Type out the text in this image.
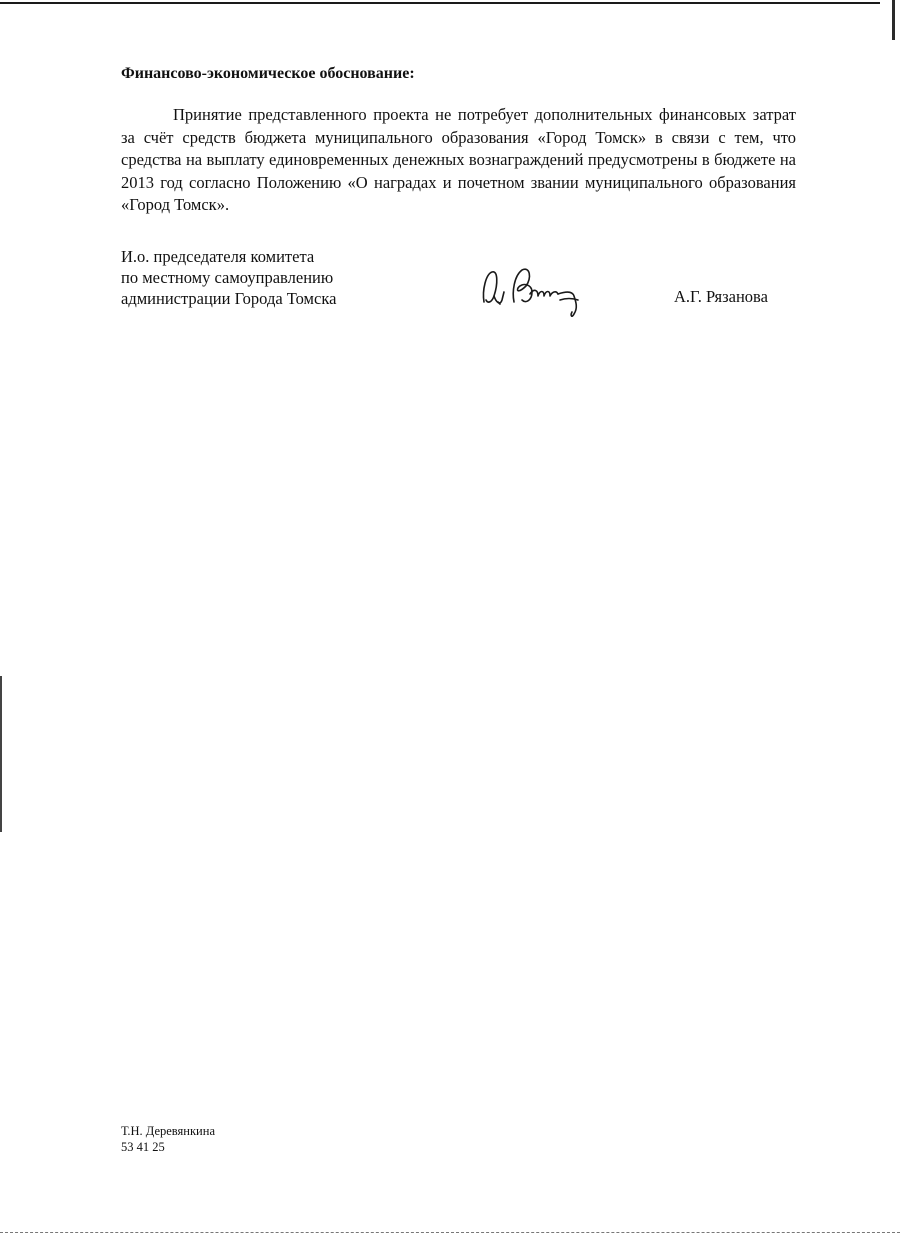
Финансово-экономическое обоснование:

Принятие представленного проекта не потребует дополнительных финансовых затрат за счёт средств бюджета муниципального образования «Город Томск» в связи с тем, что средства на выплату единовременных денежных вознаграждений предусмотрены в бюджете на 2013 год согласно Положению «О наградах и почетном звании муниципального образования «Город Томск».

И.о. председателя комитета
по местному самоуправлению
администрации Города Томска	А.Г. Рязанова
Т.Н. Деревянкина
53 41 25
